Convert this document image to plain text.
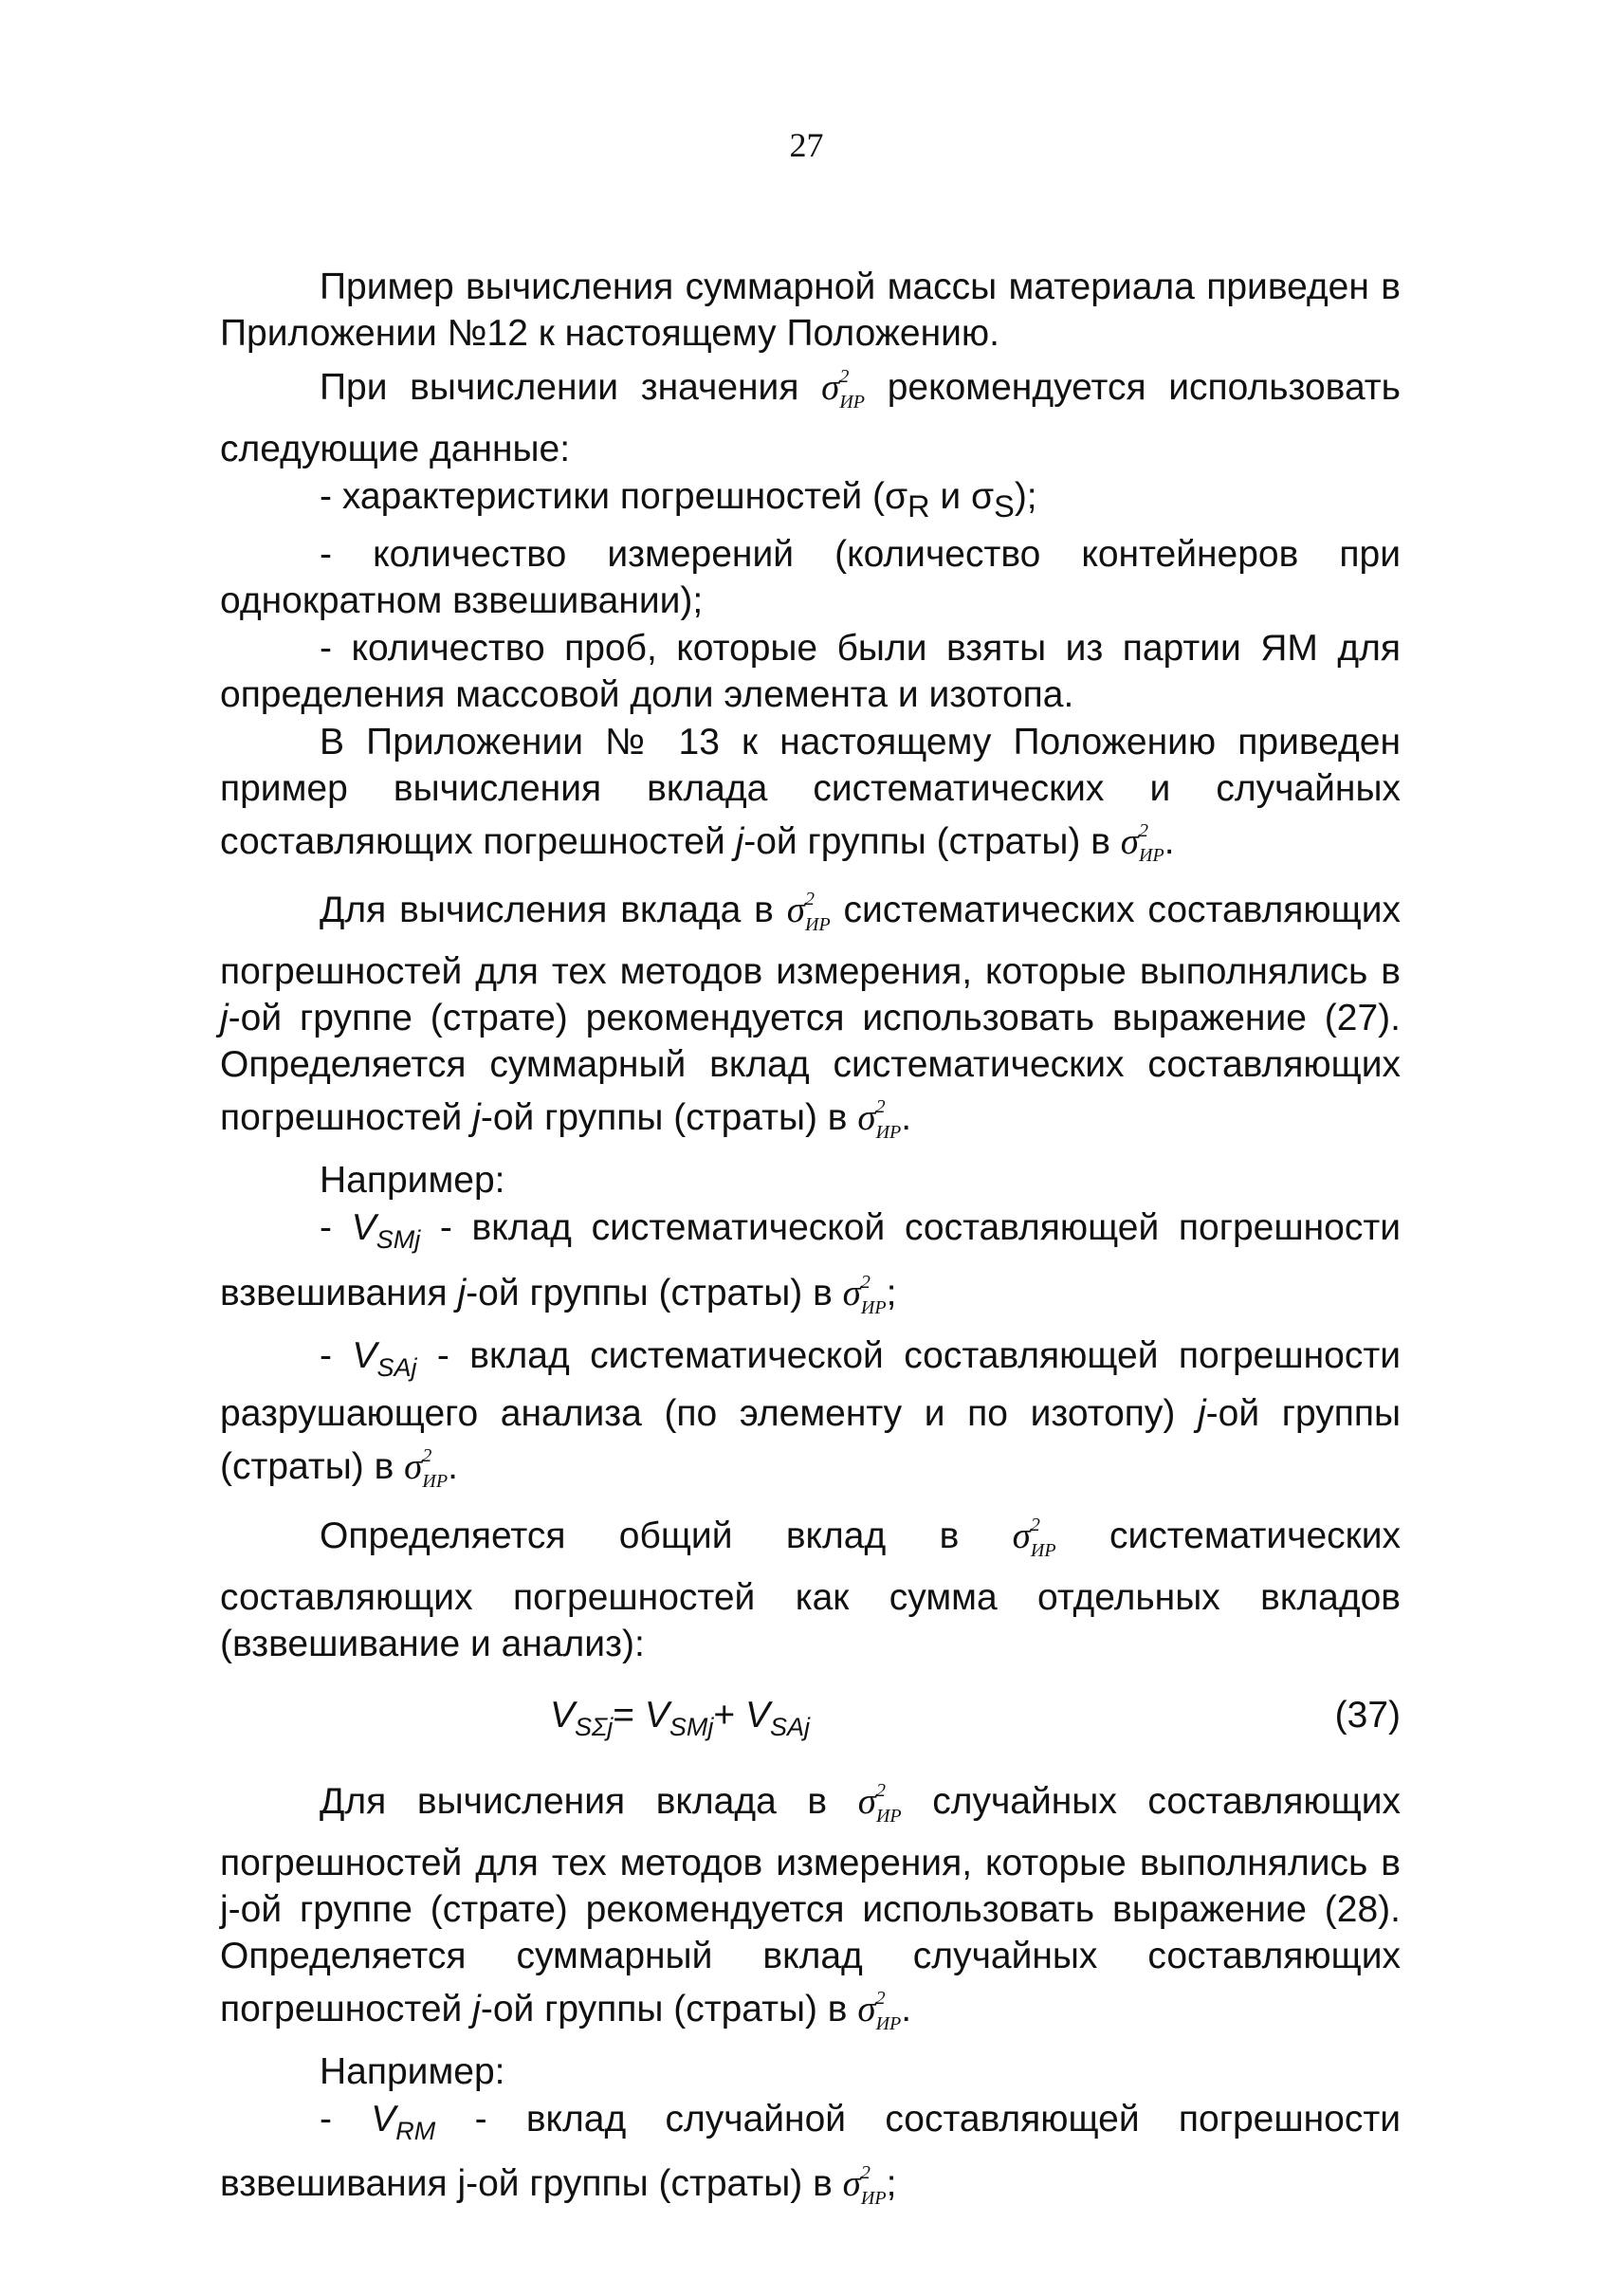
27

Пример вычисления суммарной массы материала приведен в Приложении №12 к настоящему Положению.

При вычислении значения $\sigma^2_{ИР}$ рекомендуется использовать следующие данные:

- характеристики погрешностей ($\sigma_R$ и $\sigma_S$);

- количество измерений (количество контейнеров при однократном взвешивании);

- количество проб, которые были взяты из партии ЯМ для определения массовой доли элемента и изотопа.

В Приложении № 13 к настоящему Положению приведен пример вычисления вклада систематических и случайных составляющих погрешностей j-ой группы (страты) в $\sigma^2_{ИР}$.

Для вычисления вклада в $\sigma^2_{ИР}$ систематических составляющих погрешностей для тех методов измерения, которые выполнялись в j-ой группе (страте) рекомендуется использовать выражение (27). Определяется суммарный вклад систематических составляющих погрешностей j-ой группы (страты) в $\sigma^2_{ИР}$.

Например:

- $V_{SMj}$ - вклад систематической составляющей погрешности взвешивания j-ой группы (страты) в $\sigma^2_{ИР}$;

- $V_{SAj}$ - вклад систематической составляющей погрешности разрушающего анализа (по элементу и по изотопу) j-ой группы (страты) в $\sigma^2_{ИР}$.

Определяется общий вклад в $\sigma^2_{ИР}$ систематических составляющих погрешностей как сумма отдельных вкладов (взвешивание и анализ):

$V_{S\Sigma j}= V_{SMj}+ V_{SAj}$	(37)

Для вычисления вклада в $\sigma^2_{ИР}$ случайных составляющих погрешностей для тех методов измерения, которые выполнялись в j-ой группе (страте) рекомендуется использовать выражение (28). Определяется суммарный вклад случайных составляющих погрешностей j-ой группы (страты) в $\sigma^2_{ИР}$.

Например:

- $V_{RM}$ - вклад случайной составляющей погрешности взвешивания j-ой группы (страты) в $\sigma^2_{ИР}$;
